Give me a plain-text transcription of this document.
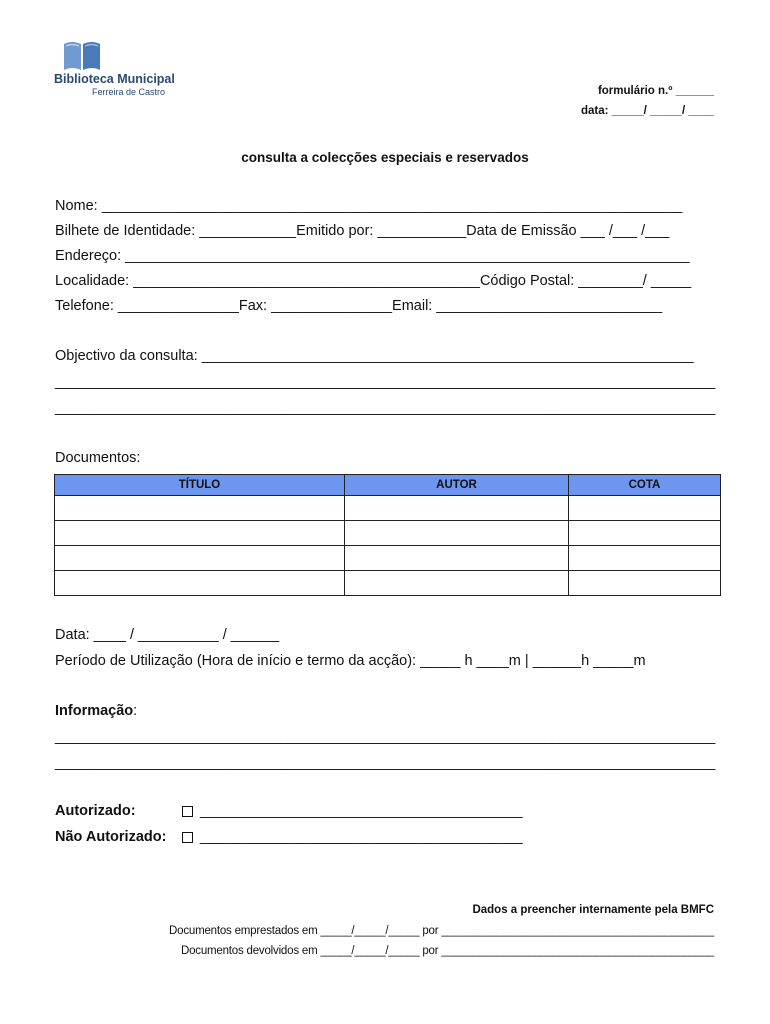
Biblioteca Municipal
Ferreira de Castro	formulário n.º ______
data: _____/ _____/ ____
consulta a colecções especiais e reservados
Nome: ________________________________________________________________________
Bilhete de Identidade: ____________Emitido por: ___________Data de Emissão ___ /___ /___
Endereço: ______________________________________________________________________
Localidade: ___________________________________________Código Postal: ________/ _____
Telefone: _______________Fax: _______________Email: ____________________________
Objectivo da consulta: _____________________________________________________________
_____________________________________________________________________________________
_____________________________________________________________________________________
Documentos:
TÍTULO	AUTOR	COTA

Data: ____ / __________ / ______
Período de Utilização (Hora de início e termo da acção): _____ h ____m | ______h _____m
Informação:
_____________________________________________________________________________________
_____________________________________________________________________________________
Autorizado:	________________________________________
Não Autorizado: ________________________________________
Dados a preencher internamente pela BMFC
Documentos emprestados em _____/_____/_____ por ____________________________________________
Documentos devolvidos em _____/_____/_____ por ____________________________________________
